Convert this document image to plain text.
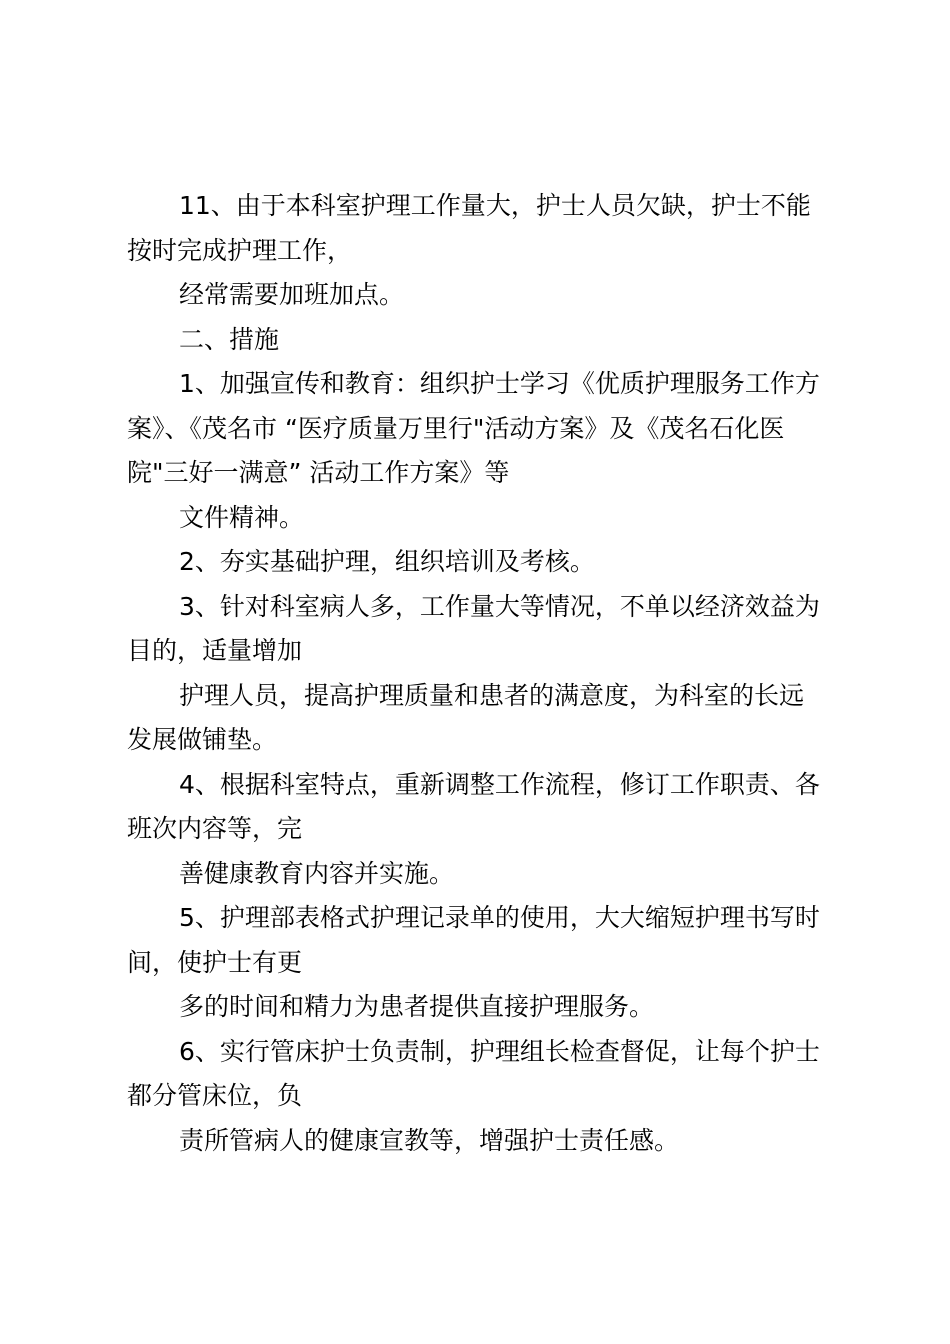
11、由于本科室护理工作量大，护士人员欠缺，护士不能
按时完成护理工作，
经常需要加班加点。
二、措施
1、加强宣传和教育：组织护士学习《优质护理服务工作方
案》、《茂名市 “医疗质量万里行"活动方案》及《茂名石化医
院"三好一满意” 活动工作方案》等
文件精神。
2、夯实基础护理，组织培训及考核。
3、针对科室病人多，工作量大等情况，不单以经济效益为
目的，适量增加
护理人员，提高护理质量和患者的满意度，为科室的长远
发展做铺垫。
4、根据科室特点，重新调整工作流程，修订工作职责、各
班次内容等，完
善健康教育内容并实施。
5、护理部表格式护理记录单的使用，大大缩短护理书写时
间，使护士有更
多的时间和精力为患者提供直接护理服务。
6、实行管床护士负责制，护理组长检查督促，让每个护士
都分管床位，负
责所管病人的健康宣教等，增强护士责任感。
